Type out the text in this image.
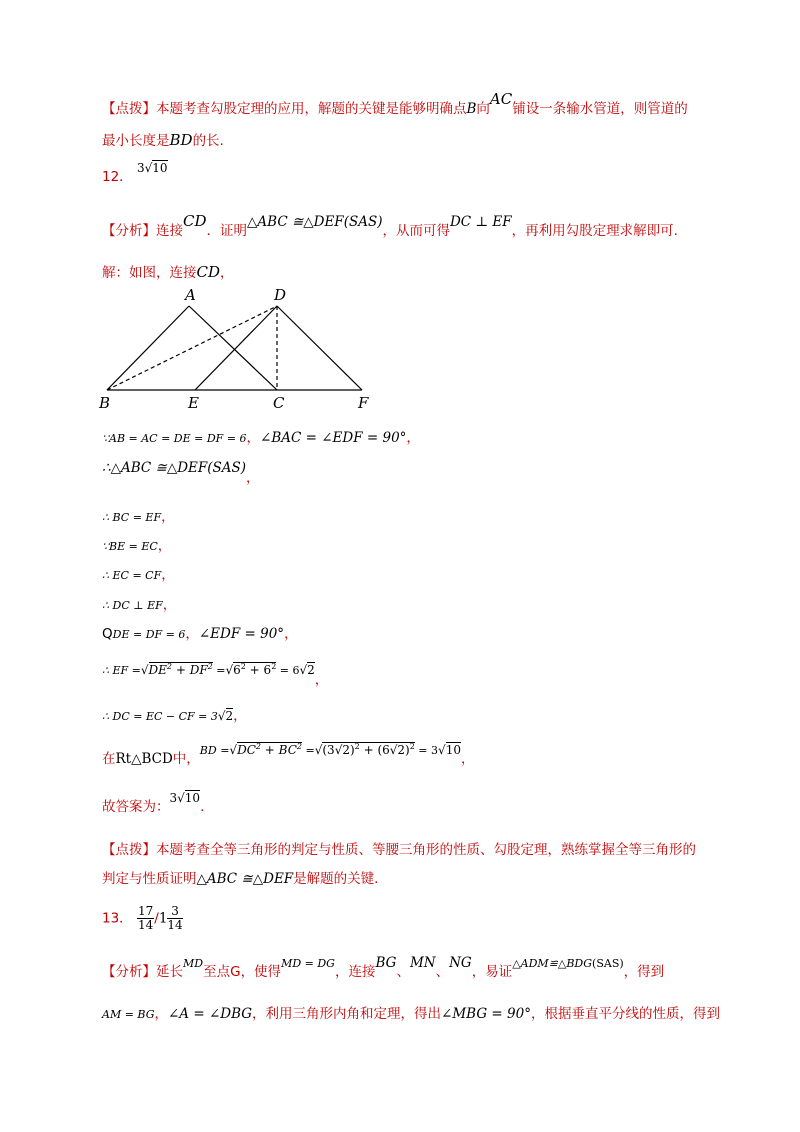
【点拨】本题考查勾股定理的应用，解题的关键是能够明确点B向AC铺设一条输水管道，则管道的
最小长度是BD的长.
12． 3√10
【分析】连接CD．证明△ABC ≅△DEF(SAS)，从而可得DC ⊥ EF，再利用勾股定理求解即可.
解：如图，连接CD，
A	D
B	E	C	F
∵AB = AC = DE = DF = 6，∠BAC = ∠EDF = 90°，
∴△ABC ≅△DEF(SAS)，
∴ BC = EF，
∵BE = EC，
∴ EC = CF，
∴ DC ⊥ EF，
QDE = DF = 6，∠EDF = 90°，
∴ EF $=√DE^2 + DF^2 =√6^2 + 6^2 = 6√2$，
∴ DC = EC − CF = 3√2，
在Rt△BCD中，$^{BD =}√DC^2 + BC^2$ $^=√(3√2)^2 + (6√2)^2$ $^{= 3}$√10，
故答案为：3√10.
【点拨】本题考查全等三角形的判定与性质、等腰三角形的性质、勾股定理，熟练掌握全等三角形的
判定与性质证明△ABC ≅△DEF是解题的关键.
13． $\frac{17}{14} /1 \frac{3}{14}$
【分析】延长$^{MD}$至点G，使得$^{MD = DG}$，连接BG、MN、NG，易证$^{\triangle ADM≌\triangle BDG(SAS)}$，得到
AM = BG，∠A = ∠DBG，利用三角形内角和定理，得出∠MBG = 90°，根据垂直平分线的性质，得到
